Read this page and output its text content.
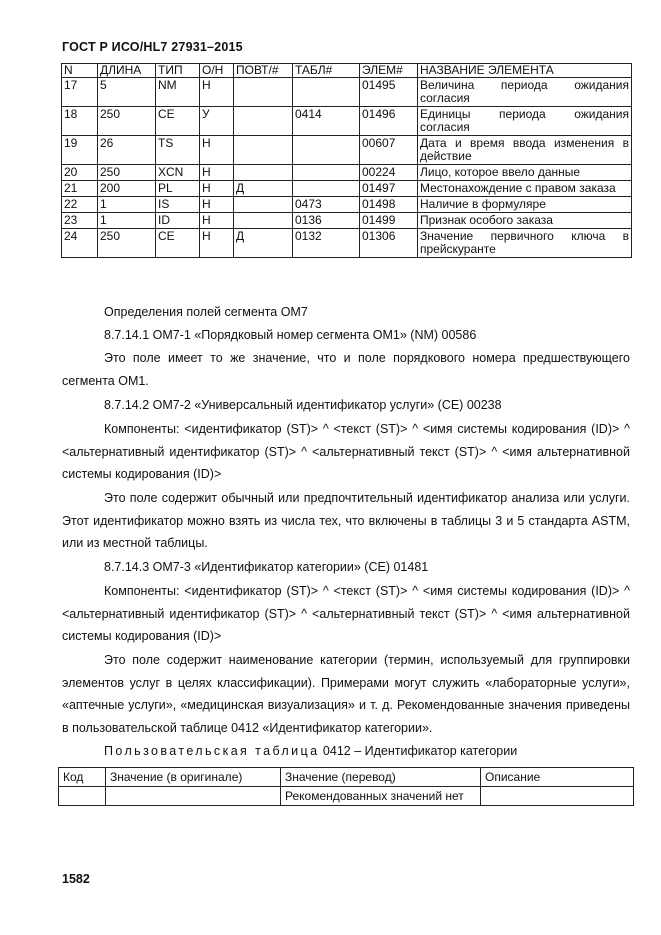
ГОСТ Р ИСО/HL7 27931–2015
N	ДЛИНА	ТИП	О/Н	ПОВТ/#	ТАБЛ#	ЭЛЕМ#	НАЗВАНИЕ ЭЛЕМЕНТА
17	5	NM	Н			01495	Величина периода ожидания согласия
18	250	CE	У		0414	01496	Единицы периода ожидания согласия
19	26	TS	Н			00607	Дата и время ввода изменения в действие
20	250	XCN	Н			00224	Лицо, которое ввело данные
21	200	PL	Н	Д		01497	Местонахождение с правом заказа
22	1	IS	Н		0473	01498	Наличие в формуляре
23	1	ID	Н		0136	01499	Признак особого заказа
24	250	CE	Н	Д	0132	01306	Значение первичного ключа в прейскуранте
Определения полей сегмента OM7
8.7.14.1 OM7-1 «Порядковый номер сегмента OM1» (NM) 00586
Это поле имеет то же значение, что и поле порядкового номера предшествующего сегмента OM1.
8.7.14.2 OM7-2 «Универсальный идентификатор услуги» (CE) 00238
Компоненты: <идентификатор (ST)> ^ <текст (ST)> ^ <имя системы кодирования (ID)> ^ <альтернативный идентификатор (ST)> ^ <альтернативный текст (ST)> ^ <имя альтернативной системы кодирования (ID)>
Это поле содержит обычный или предпочтительный идентификатор анализа или услуги. Этот идентификатор можно взять из числа тех, что включены в таблицы 3 и 5 стандарта ASTM, или из местной таблицы.
8.7.14.3 OM7-3 «Идентификатор категории» (CE) 01481
Компоненты: <идентификатор (ST)> ^ <текст (ST)> ^ <имя системы кодирования (ID)> ^ <альтернативный идентификатор (ST)> ^ <альтернативный текст (ST)> ^ <имя альтернативной системы кодирования (ID)>
Это поле содержит наименование категории (термин, используемый для группировки элементов услуг в целях классификации). Примерами могут служить «лабораторные услуги», «аптечные услуги», «медицинская визуализация» и т. д. Рекомендованные значения приведены в пользовательской таблице 0412 «Идентификатор категории».
Пользовательская таблица 0412 – Идентификатор категории
Код	Значение (в оригинале)	Значение (перевод)	Описание
		Рекомендованных значений нет	
1582
